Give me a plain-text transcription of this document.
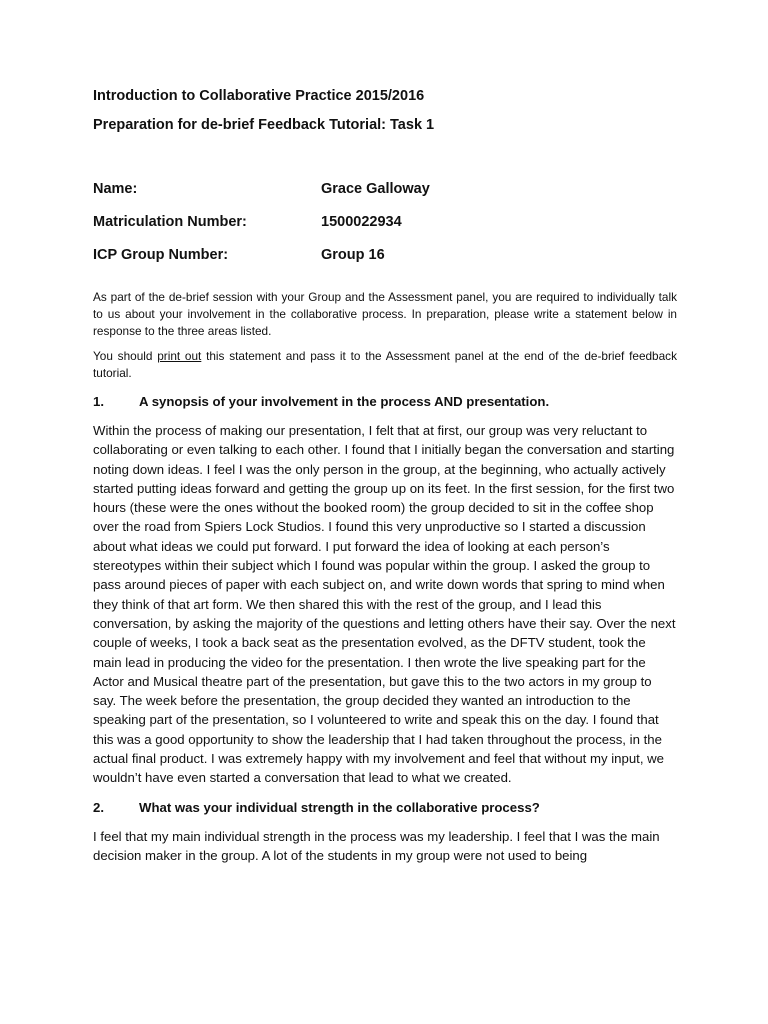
Introduction to Collaborative Practice 2015/2016

Preparation for de-brief Feedback Tutorial: Task 1

Name:	Grace Galloway
Matriculation Number:	1500022934
ICP Group Number:	Group 16

As part of the de-brief session with your Group and the Assessment panel, you are required to individually talk to us about your involvement in the collaborative process. In preparation, please write a statement below in response to the three areas listed.

You should print out this statement and pass it to the Assessment panel at the end of the de-brief feedback tutorial.

1.	A synopsis of your involvement in the process AND presentation.

Within the process of making our presentation, I felt that at first, our group was very reluctant to collaborating or even talking to each other. I found that I initially began the conversation and starting noting down ideas. I feel I was the only person in the group, at the beginning, who actually actively started putting ideas forward and getting the group up on its feet. In the first session, for the first two hours (these were the ones without the booked room) the group decided to sit in the coffee shop over the road from Spiers Lock Studios. I found this very unproductive so I started a discussion about what ideas we could put forward. I put forward the idea of looking at each person’s stereotypes within their subject which I found was popular within the group. I asked the group to pass around pieces of paper with each subject on, and write down words that spring to mind when they think of that art form. We then shared this with the rest of the group, and I lead this conversation, by asking the majority of the questions and letting others have their say. Over the next couple of weeks, I took a back seat as the presentation evolved, as the DFTV student, took the main lead in producing the video for the presentation. I then wrote the live speaking part for the Actor and Musical theatre part of the presentation, but gave this to the two actors in my group to say. The week before the presentation, the group decided they wanted an introduction to the speaking part of the presentation, so I volunteered to write and speak this on the day. I found that this was a good opportunity to show the leadership that I had taken throughout the process, in the actual final product. I was extremely happy with my involvement and feel that without my input, we wouldn’t have even started a conversation that lead to what we created.

2.	What was your individual strength in the collaborative process?

I feel that my main individual strength in the process was my leadership. I feel that I was the main decision maker in the group. A lot of the students in my group were not used to being
